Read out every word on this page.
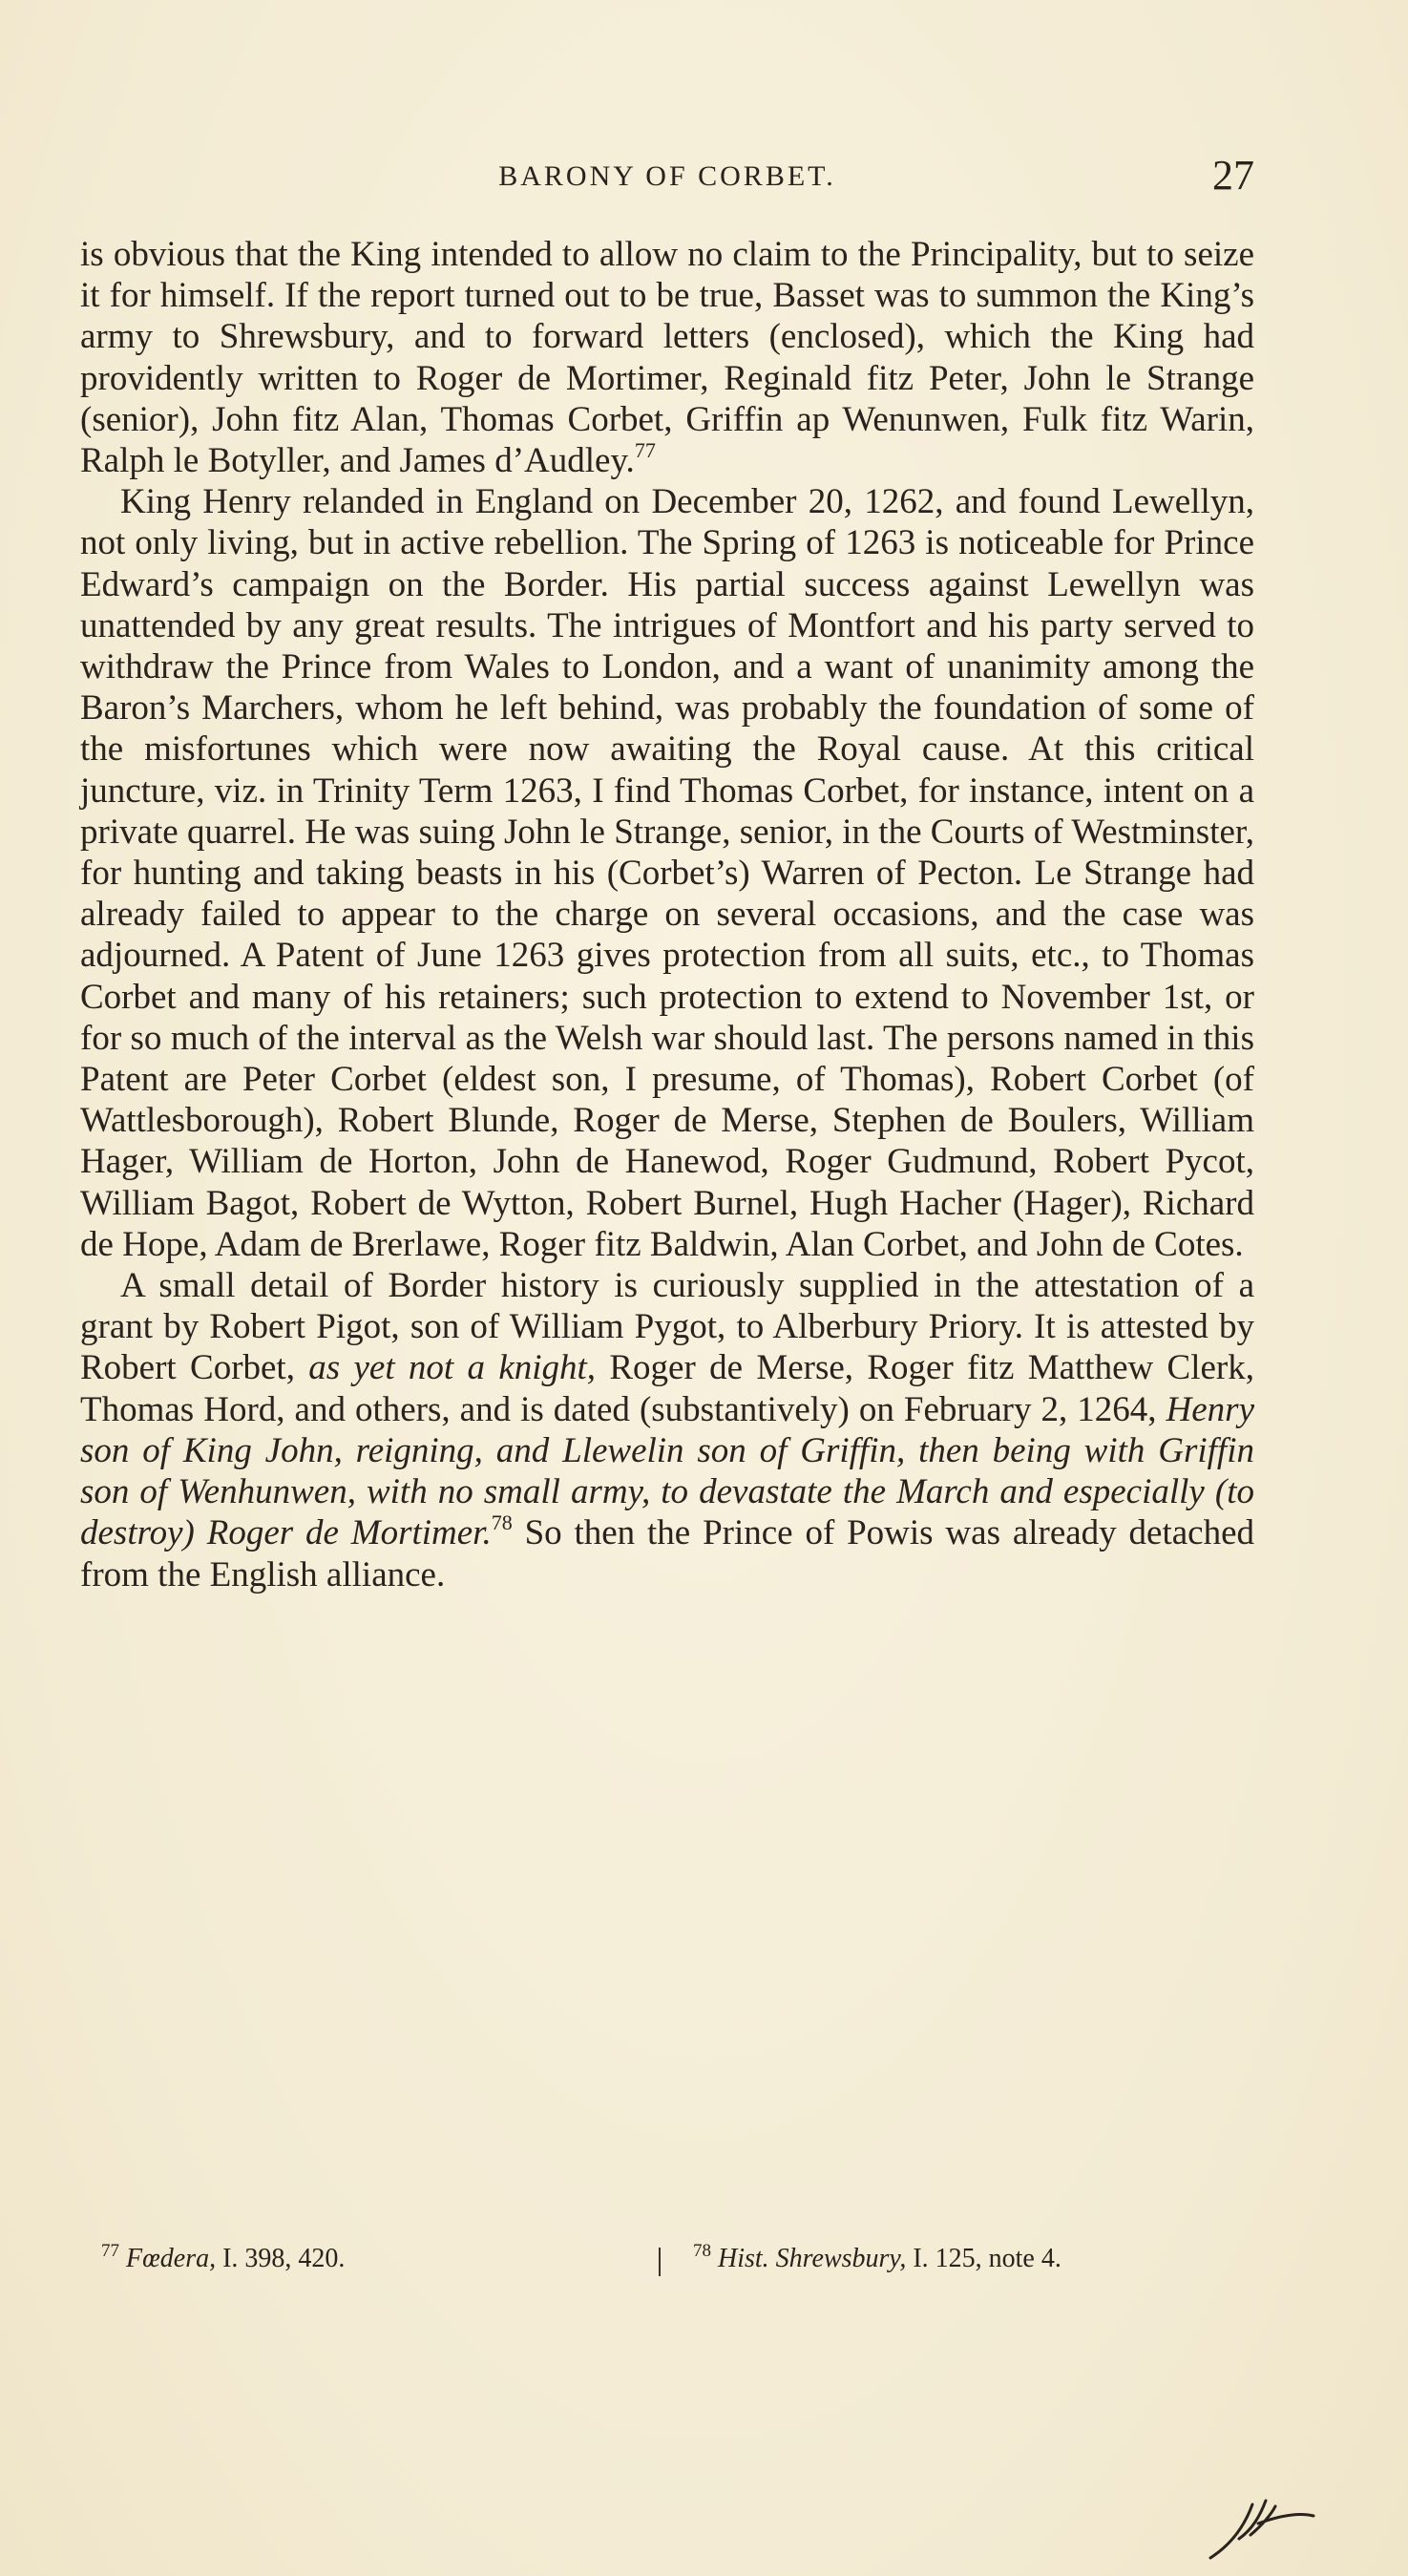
BARONY OF CORBET.	27

is obvious that the King intended to allow no claim to the Principality, but to seize it for himself. If the report turned out to be true, Basset was to summon the King’s army to Shrewsbury, and to forward letters (enclosed), which the King had providently written to Roger de Mortimer, Reginald fitz Peter, John le Strange (senior), John fitz Alan, Thomas Corbet, Griffin ap Wenunwen, Fulk fitz Warin, Ralph le Botyller, and James d’Audley.$^{77}$

King Henry relanded in England on December 20, 1262, and found Lewellyn, not only living, but in active rebellion. The Spring of 1263 is noticeable for Prince Edward’s campaign on the Border. His partial success against Lewellyn was unattended by any great results. The intrigues of Montfort and his party served to withdraw the Prince from Wales to London, and a want of unanimity among the Baron’s Marchers, whom he left behind, was probably the foundation of some of the misfortunes which were now awaiting the Royal cause. At this critical juncture, viz. in Trinity Term 1263, I find Thomas Corbet, for instance, intent on a private quarrel. He was suing John le Strange, senior, in the Courts of Westminster, for hunting and taking beasts in his (Corbet’s) Warren of Pecton. Le Strange had already failed to appear to the charge on several occasions, and the case was adjourned. A Patent of June 1263 gives protection from all suits, etc., to Thomas Corbet and many of his retainers; such protection to extend to November 1st, or for so much of the interval as the Welsh war should last. The persons named in this Patent are Peter Corbet (eldest son, I presume, of Thomas), Robert Corbet (of Wattlesborough), Robert Blunde, Roger de Merse, Stephen de Boulers, William Hager, William de Horton, John de Hanewod, Roger Gudmund, Robert Pycot, William Bagot, Robert de Wytton, Robert Burnel, Hugh Hacher (Hager), Richard de Hope, Adam de Brerlawe, Roger fitz Baldwin, Alan Corbet, and John de Cotes.

A small detail of Border history is curiously supplied in the attestation of a grant by Robert Pigot, son of William Pygot, to Alberbury Priory. It is attested by Robert Corbet, as yet not a knight, Roger de Merse, Roger fitz Matthew Clerk, Thomas Hord, and others, and is dated (substantively) on February 2, 1264, Henry son of King John, reigning, and Llewelin son of Griffin, then being with Griffin son of Wenhunwen, with no small army, to devastate the March and especially (to destroy) Roger de Mortimer.$^{78}$ So then the Prince of Powis was already detached from the English alliance.

$^{77}$ Fœdera, I. 398, 420.	$^{78}$ Hist. Shrewsbury, I. 125, note 4.
